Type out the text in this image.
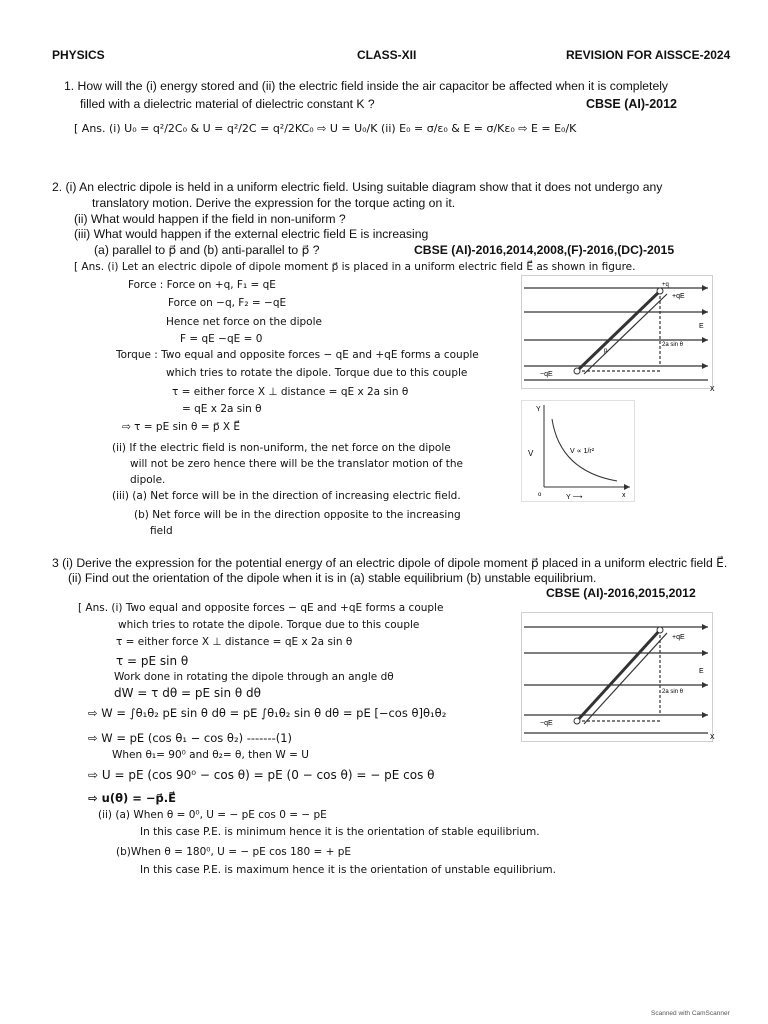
PHYSICS	CLASS-XII	REVISION FOR AISSCE-2024
1. How will the (i) energy stored and (ii) the electric field inside the air capacitor be affected when it is completely
filled with a dielectric material of dielectric constant K ?	CBSE (AI)-2012
[ Ans. (i) U₀ = q²/2C₀ & U = q²/2C = q²/2KC₀ ⇨ U = U₀/K (ii) E₀ = σ/ε₀ & E = σ/Kε₀ ⇨ E = E₀/K
2. (i) An electric dipole is held in a uniform electric field. Using suitable diagram show that it does not undergo any
translatory motion. Derive the expression for the torque acting on it.
(ii) What would happen if the field in non-uniform ?
(iii) What would happen if the external electric field E is increasing
(a) parallel to p⃗ and (b) anti-parallel to p⃗ ?	CBSE (AI)-2016,2014,2008,(F)-2016,(DC)-2015
[ Ans. (i) Let an electric dipole of dipole moment p⃗ is placed in a uniform electric field E⃗ as shown in figure.
Force : Force on +q, F₁ = qE
Force on −q, F₂ = −qE
Hence net force on the dipole
F = qE −qE = 0
Torque : Two equal and opposite forces − qE and +qE forms a couple
which tries to rotate the dipole. Torque due to this couple
τ = either force X ⊥ distance = qE x 2a sin θ
= qE x 2a sin θ
⇨ τ = pE sin θ = p⃗ X E⃗
(ii) If the electric field is non-uniform, the net force on the dipole
will not be zero hence there will be the translator motion of the
dipole.
(iii) (a) Net force will be in the direction of increasing electric field.
(b) Net force will be in the direction opposite to the increasing
field
+qE
−qE
+q
p
2a sin θ
E
x
Y
V	V ∝ 1/r²
x
o	Y ⟶
3 (i) Derive the expression for the potential energy of an electric dipole of dipole moment p⃗ placed in a uniform electric field E⃗.
(ii) Find out the orientation of the dipole when it is in (a) stable equilibrium (b) unstable equilibrium.
CBSE (AI)-2016,2015,2012
[ Ans. (i) Two equal and opposite forces − qE and +qE forms a couple
which tries to rotate the dipole. Torque due to this couple
τ = either force X ⊥ distance = qE x 2a sin θ
τ = pE sin θ
Work done in rotating the dipole through an angle dθ
dW = τ dθ = pE sin θ dθ
⇨ W = ∫θ₁θ₂ pE sin θ dθ = pE ∫θ₁θ₂ sin θ dθ = pE [−cos θ]θ₁θ₂
⇨ W = pE (cos θ₁ − cos θ₂) -------(1)
When θ₁= 90⁰ and θ₂= θ, then W = U
⇨ U = pE (cos 90⁰ − cos θ) = pE (0 − cos θ) = − pE cos θ
⇨ u(θ) = −p⃗.E⃗
(ii) (a) When θ = 0⁰, U = − pE cos 0 = − pE
In this case P.E. is minimum hence it is the orientation of stable equilibrium.
(b)When θ = 180⁰, U = − pE cos 180 = + pE
In this case P.E. is maximum hence it is the orientation of unstable equilibrium.
+qE
−qE
2a sin θ
E
x
Scanned with CamScanner
